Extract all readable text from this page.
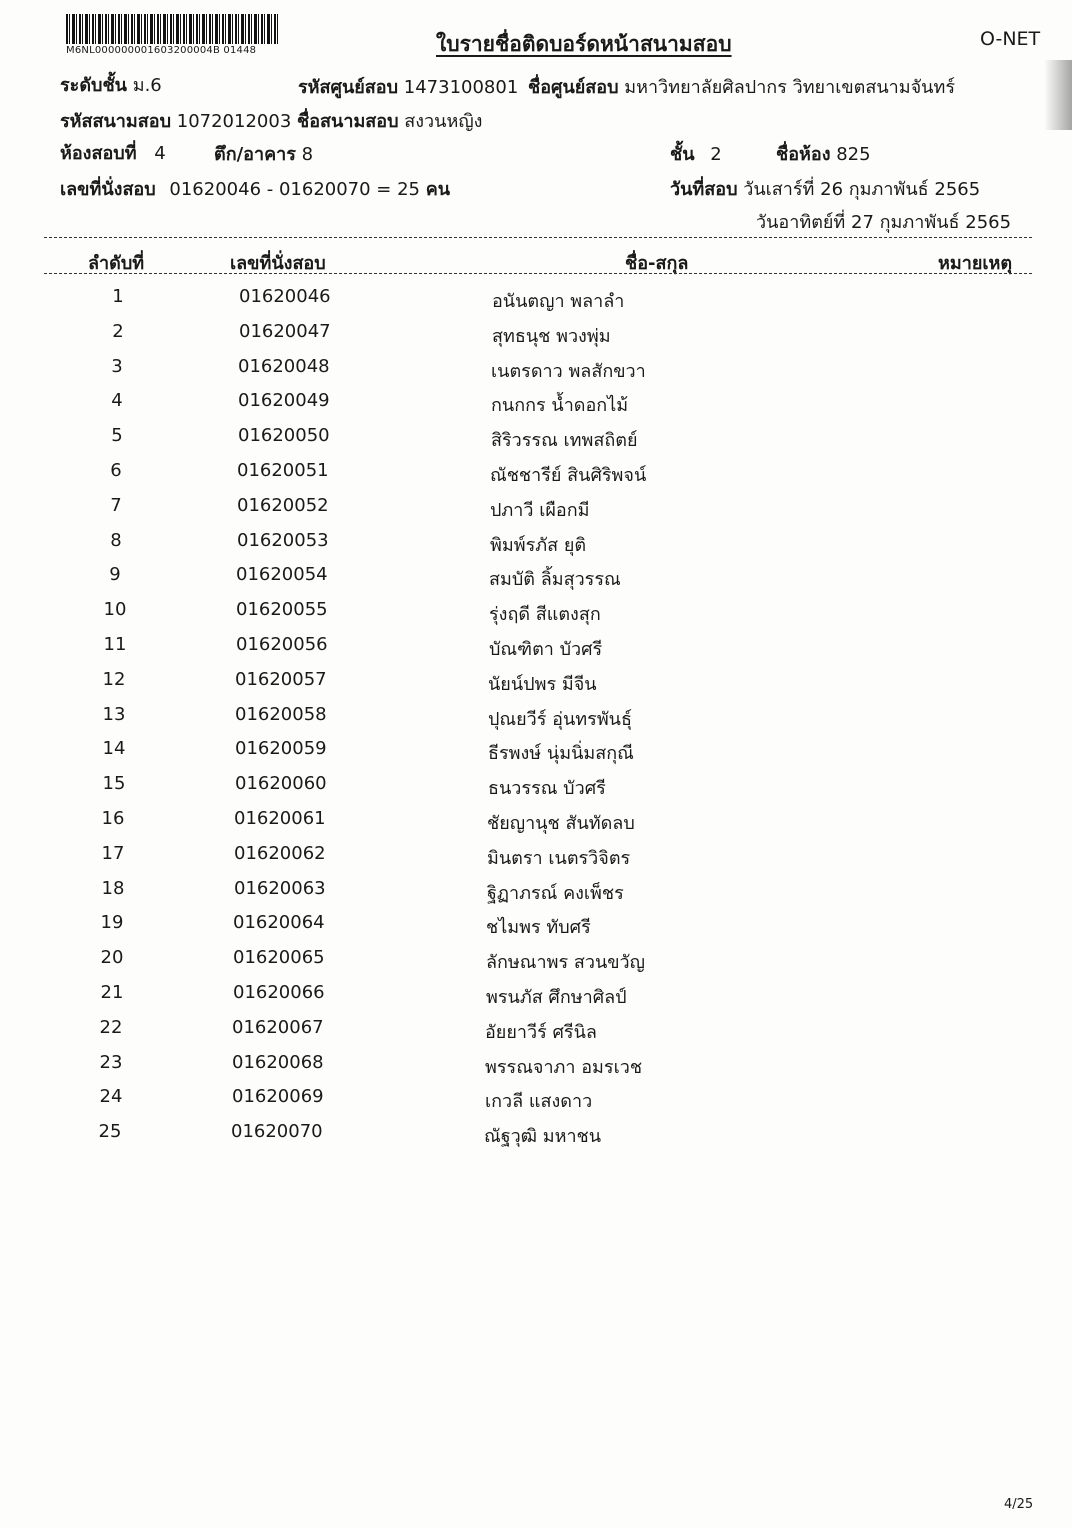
M6NL000000001603200004B 01448	ใบรายชื่อติดบอร์ดหน้าสนามสอบ	O-NET
ระดับชั้น ม.6	รหัสศูนย์สอบ 1473100801 ชื่อศูนย์สอบ มหาวิทยาลัยศิลปากร วิทยาเขตสนามจันทร์
รหัสสนามสอบ 1072012003 ชื่อสนามสอบ สงวนหญิง
ห้องสอบที่ 4	ตึก/อาคาร 8	ชั้น 2	ชื่อห้อง 825
เลขที่นั่งสอบ 01620046 - 01620070 = 25 คน	วันที่สอบ วันเสาร์ที่ 26 กุมภาพันธ์ 2565
วันอาทิตย์ที่ 27 กุมภาพันธ์ 2565
ลำดับที่	เลขที่นั่งสอบ	ชื่อ-สกุล	หมายเหตุ
1	01620046	อนันตญา พลาลำ
2	01620047	สุทธนุช พวงพุ่ม
3	01620048	เนตรดาว พลสักขวา
4	01620049	กนกกร น้ำดอกไม้
5	01620050	สิริวรรณ เทพสถิตย์
6	01620051	ณัชชารีย์ สินศิริพจน์
7	01620052	ปภาวี เผือกมี
8	01620053	พิมพ์รภัส ยุติ
9	01620054	สมบัติ ลิ้มสุวรรณ
10	01620055	รุ่งฤดี สีแตงสุก
11	01620056	บัณฑิตา บัวศรี
12	01620057	นัยน์ปพร มีจีน
13	01620058	ปุณยวีร์ อุ่นทรพันธุ์
14	01620059	ธีรพงษ์ นุ่มนิ่มสกุณี
15	01620060	ธนวรรณ บัวศรี
16	01620061	ชัยญานุช สันทัดลบ
17	01620062	มินตรา เนตรวิจิตร
18	01620063	ฐิฏาภรณ์ คงเพ็ชร
19	01620064	ชไมพร ทับศรี
20	01620065	ลักษณาพร สวนขวัญ
21	01620066	พรนภัส ศึกษาศิลป์
22	01620067	อัยยาวีร์ ศรีนิล
23	01620068	พรรณจาภา อมรเวช
24	01620069	เกวลี แสงดาว
25	01620070	ณัฐวุฒิ มหาชน
4/25
